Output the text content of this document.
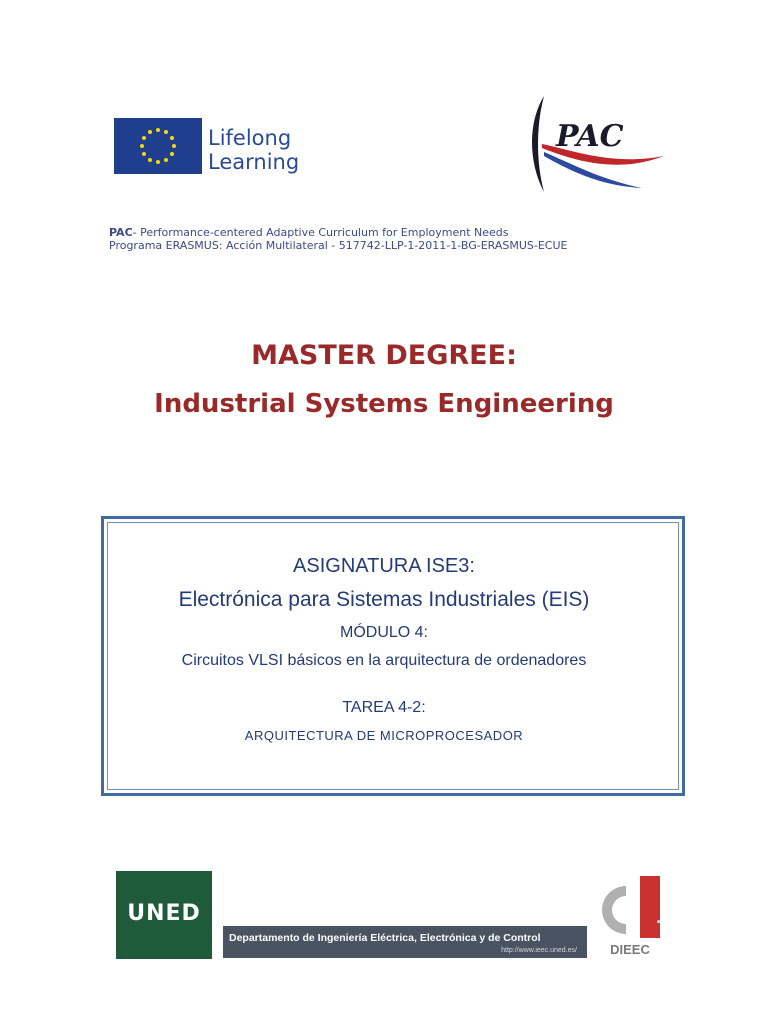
Lifelong
Learning
PAC
PAC- Performance-centered Adaptive Curriculum for Employment Needs
Programa ERASMUS: Acción Multilateral - 517742-LLP-1-2011-1-BG-ERASMUS-ECUE
MASTER DEGREE:
Industrial Systems Engineering
ASIGNATURA ISE3:
Electrónica para Sistemas Industriales (EIS)
MÓDULO 4:
Circuitos VLSI básicos en la arquitectura de ordenadores
TAREA 4-2:
ARQUITECTURA DE MICROPROCESADOR
UNED
Departamento de Ingeniería Eléctrica, Electrónica y de Control
http://www.ieec.uned.es/
ieec
DIEEC
